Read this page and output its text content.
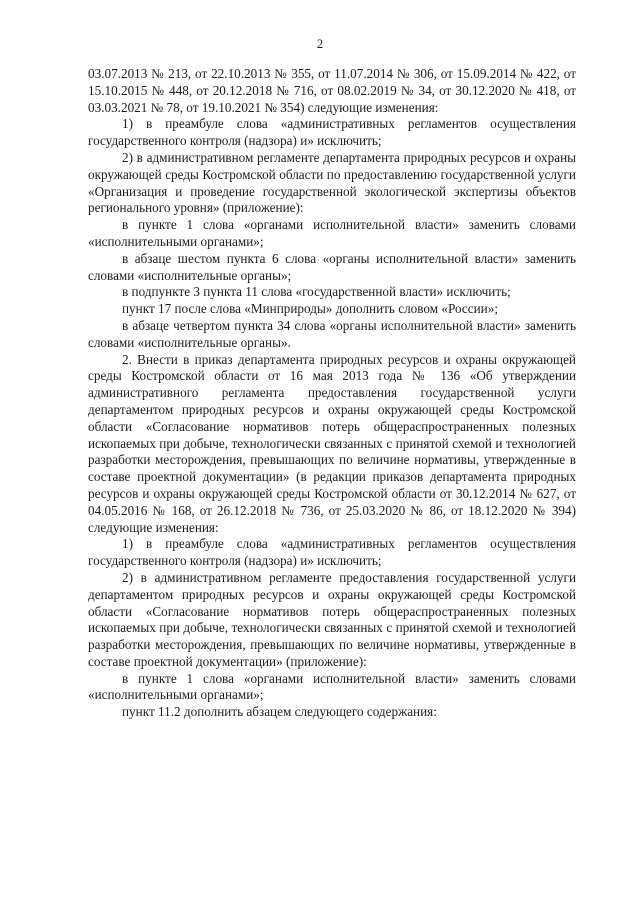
2

03.07.2013 № 213, от 22.10.2013 № 355, от 11.07.2014 № 306, от 15.09.2014 № 422, от 15.10.2015 № 448, от 20.12.2018 № 716, от 08.02.2019 № 34, от 30.12.2020 № 418, от 03.03.2021 № 78, от 19.10.2021 № 354) следующие изменения:

1) в преамбуле слова «административных регламентов осуществления государственного контроля (надзора) и» исключить;

2) в административном регламенте департамента природных ресурсов и охраны окружающей среды Костромской области по предоставлению государственной услуги «Организация и проведение государственной экологической экспертизы объектов регионального уровня» (приложение):

в пункте 1 слова «органами исполнительной власти» заменить словами «исполнительными органами»;

в абзаце шестом пункта 6 слова «органы исполнительной власти» заменить словами «исполнительные органы»;

в подпункте 3 пункта 11 слова «государственной власти» исключить;

пункт 17 после слова «Минприроды» дополнить словом «России»;

в абзаце четвертом пункта 34 слова «органы исполнительной власти» заменить словами «исполнительные органы».

2. Внести в приказ департамента природных ресурсов и охраны окружающей среды Костромской области от 16 мая 2013 года № 136 «Об утверждении административного регламента предоставления государственной услуги департаментом природных ресурсов и охраны окружающей среды Костромской области «Согласование нормативов потерь общераспространенных полезных ископаемых при добыче, технологически связанных с принятой схемой и технологией разработки месторождения, превышающих по величине нормативы, утвержденные в составе проектной документации» (в редакции приказов департамента природных ресурсов и охраны окружающей среды Костромской области от 30.12.2014 № 627, от 04.05.2016 № 168, от 26.12.2018 № 736, от 25.03.2020 № 86, от 18.12.2020 № 394) следующие изменения:

1) в преамбуле слова «административных регламентов осуществления государственного контроля (надзора) и» исключить;

2) в административном регламенте предоставления государственной услуги департаментом природных ресурсов и охраны окружающей среды Костромской области «Согласование нормативов потерь общераспространенных полезных ископаемых при добыче, технологически связанных с принятой схемой и технологией разработки месторождения, превышающих по величине нормативы, утвержденные в составе проектной документации» (приложение):

в пункте 1 слова «органами исполнительной власти» заменить словами «исполнительными органами»;

пункт 11.2 дополнить абзацем следующего содержания:
